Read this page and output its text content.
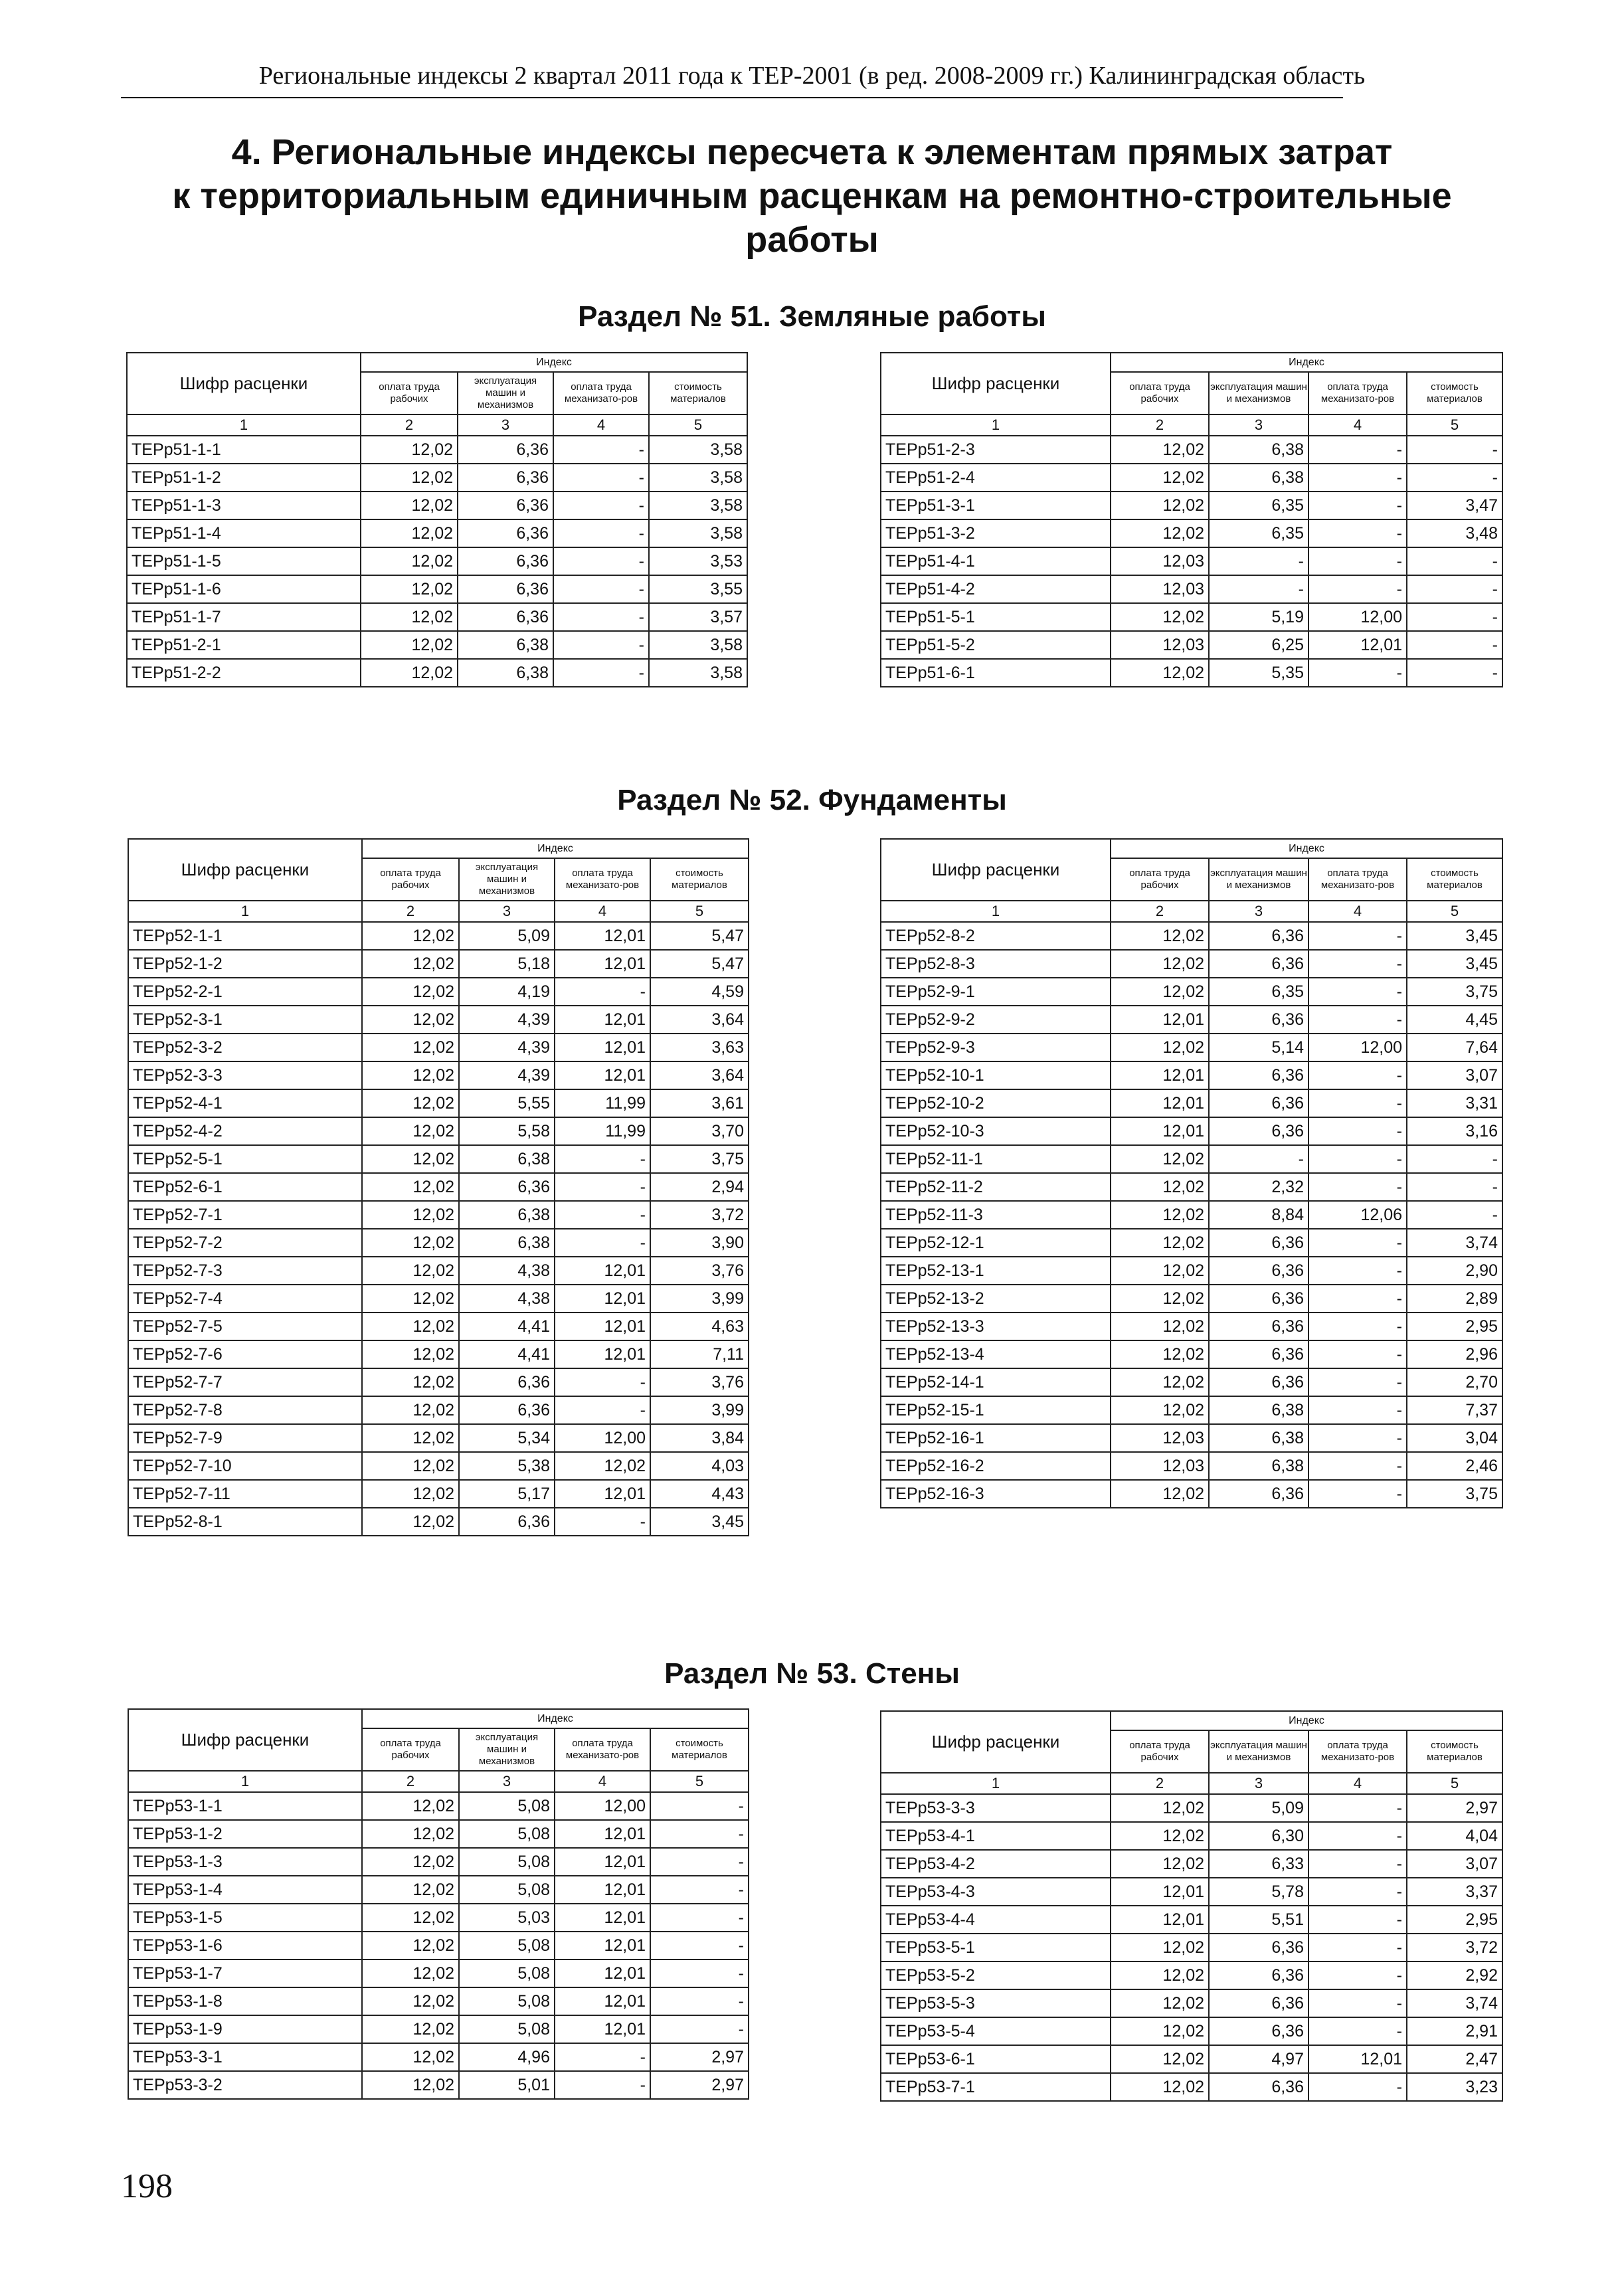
Региональные индексы 2 квартал 2011 года к ТЕР-2001 (в ред. 2008-2009 гг.) Калининградская область
4. Региональные индексы пересчета к элементам прямых затрат
к территориальным единичным расценкам на ремонтно-строительные
работы
Раздел № 51. Земляные работы
Раздел № 52. Фундаменты
Раздел № 53. Стены
Шифр расценки	Индекс			
	оплата труда рабочих	эксплуатация машин и механизмов	оплата труда механизато-ров	стоимость материалов
1	2	3	4	5
ТЕРр51-1-1	12,02	6,36	-	3,58
ТЕРр51-1-2	12,02	6,36	-	3,58
ТЕРр51-1-3	12,02	6,36	-	3,58
ТЕРр51-1-4	12,02	6,36	-	3,58
ТЕРр51-1-5	12,02	6,36	-	3,53
ТЕРр51-1-6	12,02	6,36	-	3,55
ТЕРр51-1-7	12,02	6,36	-	3,57
ТЕРр51-2-1	12,02	6,38	-	3,58
ТЕРр51-2-2	12,02	6,38	-	3,58
Шифр расценки	Индекс			
	оплата труда рабочих	эксплуатация машин и механизмов	оплата труда механизато-ров	стоимость материалов
1	2	3	4	5
ТЕРр51-2-3	12,02	6,38	-	-
ТЕРр51-2-4	12,02	6,38	-	-
ТЕРр51-3-1	12,02	6,35	-	3,47
ТЕРр51-3-2	12,02	6,35	-	3,48
ТЕРр51-4-1	12,03	-	-	-
ТЕРр51-4-2	12,03	-	-	-
ТЕРр51-5-1	12,02	5,19	12,00	-
ТЕРр51-5-2	12,03	6,25	12,01	-
ТЕРр51-6-1	12,02	5,35	-	-
Шифр расценки	Индекс			
	оплата труда рабочих	эксплуатация машин и механизмов	оплата труда механизато-ров	стоимость материалов
1	2	3	4	5
ТЕРр52-1-1	12,02	5,09	12,01	5,47
ТЕРр52-1-2	12,02	5,18	12,01	5,47
ТЕРр52-2-1	12,02	4,19	-	4,59
ТЕРр52-3-1	12,02	4,39	12,01	3,64
ТЕРр52-3-2	12,02	4,39	12,01	3,63
ТЕРр52-3-3	12,02	4,39	12,01	3,64
ТЕРр52-4-1	12,02	5,55	11,99	3,61
ТЕРр52-4-2	12,02	5,58	11,99	3,70
ТЕРр52-5-1	12,02	6,38	-	3,75
ТЕРр52-6-1	12,02	6,36	-	2,94
ТЕРр52-7-1	12,02	6,38	-	3,72
ТЕРр52-7-2	12,02	6,38	-	3,90
ТЕРр52-7-3	12,02	4,38	12,01	3,76
ТЕРр52-7-4	12,02	4,38	12,01	3,99
ТЕРр52-7-5	12,02	4,41	12,01	4,63
ТЕРр52-7-6	12,02	4,41	12,01	7,11
ТЕРр52-7-7	12,02	6,36	-	3,76
ТЕРр52-7-8	12,02	6,36	-	3,99
ТЕРр52-7-9	12,02	5,34	12,00	3,84
ТЕРр52-7-10	12,02	5,38	12,02	4,03
ТЕРр52-7-11	12,02	5,17	12,01	4,43
ТЕРр52-8-1	12,02	6,36	-	3,45
Шифр расценки	Индекс			
	оплата труда рабочих	эксплуатация машин и механизмов	оплата труда механизато-ров	стоимость материалов
1	2	3	4	5
ТЕРр52-8-2	12,02	6,36	-	3,45
ТЕРр52-8-3	12,02	6,36	-	3,45
ТЕРр52-9-1	12,02	6,35	-	3,75
ТЕРр52-9-2	12,01	6,36	-	4,45
ТЕРр52-9-3	12,02	5,14	12,00	7,64
ТЕРр52-10-1	12,01	6,36	-	3,07
ТЕРр52-10-2	12,01	6,36	-	3,31
ТЕРр52-10-3	12,01	6,36	-	3,16
ТЕРр52-11-1	12,02	-	-	-
ТЕРр52-11-2	12,02	2,32	-	-
ТЕРр52-11-3	12,02	8,84	12,06	-
ТЕРр52-12-1	12,02	6,36	-	3,74
ТЕРр52-13-1	12,02	6,36	-	2,90
ТЕРр52-13-2	12,02	6,36	-	2,89
ТЕРр52-13-3	12,02	6,36	-	2,95
ТЕРр52-13-4	12,02	6,36	-	2,96
ТЕРр52-14-1	12,02	6,36	-	2,70
ТЕРр52-15-1	12,02	6,38	-	7,37
ТЕРр52-16-1	12,03	6,38	-	3,04
ТЕРр52-16-2	12,03	6,38	-	2,46
ТЕРр52-16-3	12,02	6,36	-	3,75
Шифр расценки	Индекс			
	оплата труда рабочих	эксплуатация машин и механизмов	оплата труда механизато-ров	стоимость материалов
1	2	3	4	5
ТЕРр53-1-1	12,02	5,08	12,00	-
ТЕРр53-1-2	12,02	5,08	12,01	-
ТЕРр53-1-3	12,02	5,08	12,01	-
ТЕРр53-1-4	12,02	5,08	12,01	-
ТЕРр53-1-5	12,02	5,03	12,01	-
ТЕРр53-1-6	12,02	5,08	12,01	-
ТЕРр53-1-7	12,02	5,08	12,01	-
ТЕРр53-1-8	12,02	5,08	12,01	-
ТЕРр53-1-9	12,02	5,08	12,01	-
ТЕРр53-3-1	12,02	4,96	-	2,97
ТЕРр53-3-2	12,02	5,01	-	2,97
Шифр расценки	Индекс			
	оплата труда рабочих	эксплуатация машин и механизмов	оплата труда механизато-ров	стоимость материалов
1	2	3	4	5
ТЕРр53-3-3	12,02	5,09	-	2,97
ТЕРр53-4-1	12,02	6,30	-	4,04
ТЕРр53-4-2	12,02	6,33	-	3,07
ТЕРр53-4-3	12,01	5,78	-	3,37
ТЕРр53-4-4	12,01	5,51	-	2,95
ТЕРр53-5-1	12,02	6,36	-	3,72
ТЕРр53-5-2	12,02	6,36	-	2,92
ТЕРр53-5-3	12,02	6,36	-	3,74
ТЕРр53-5-4	12,02	6,36	-	2,91
ТЕРр53-6-1	12,02	4,97	12,01	2,47
ТЕРр53-7-1	12,02	6,36	-	3,23
198
